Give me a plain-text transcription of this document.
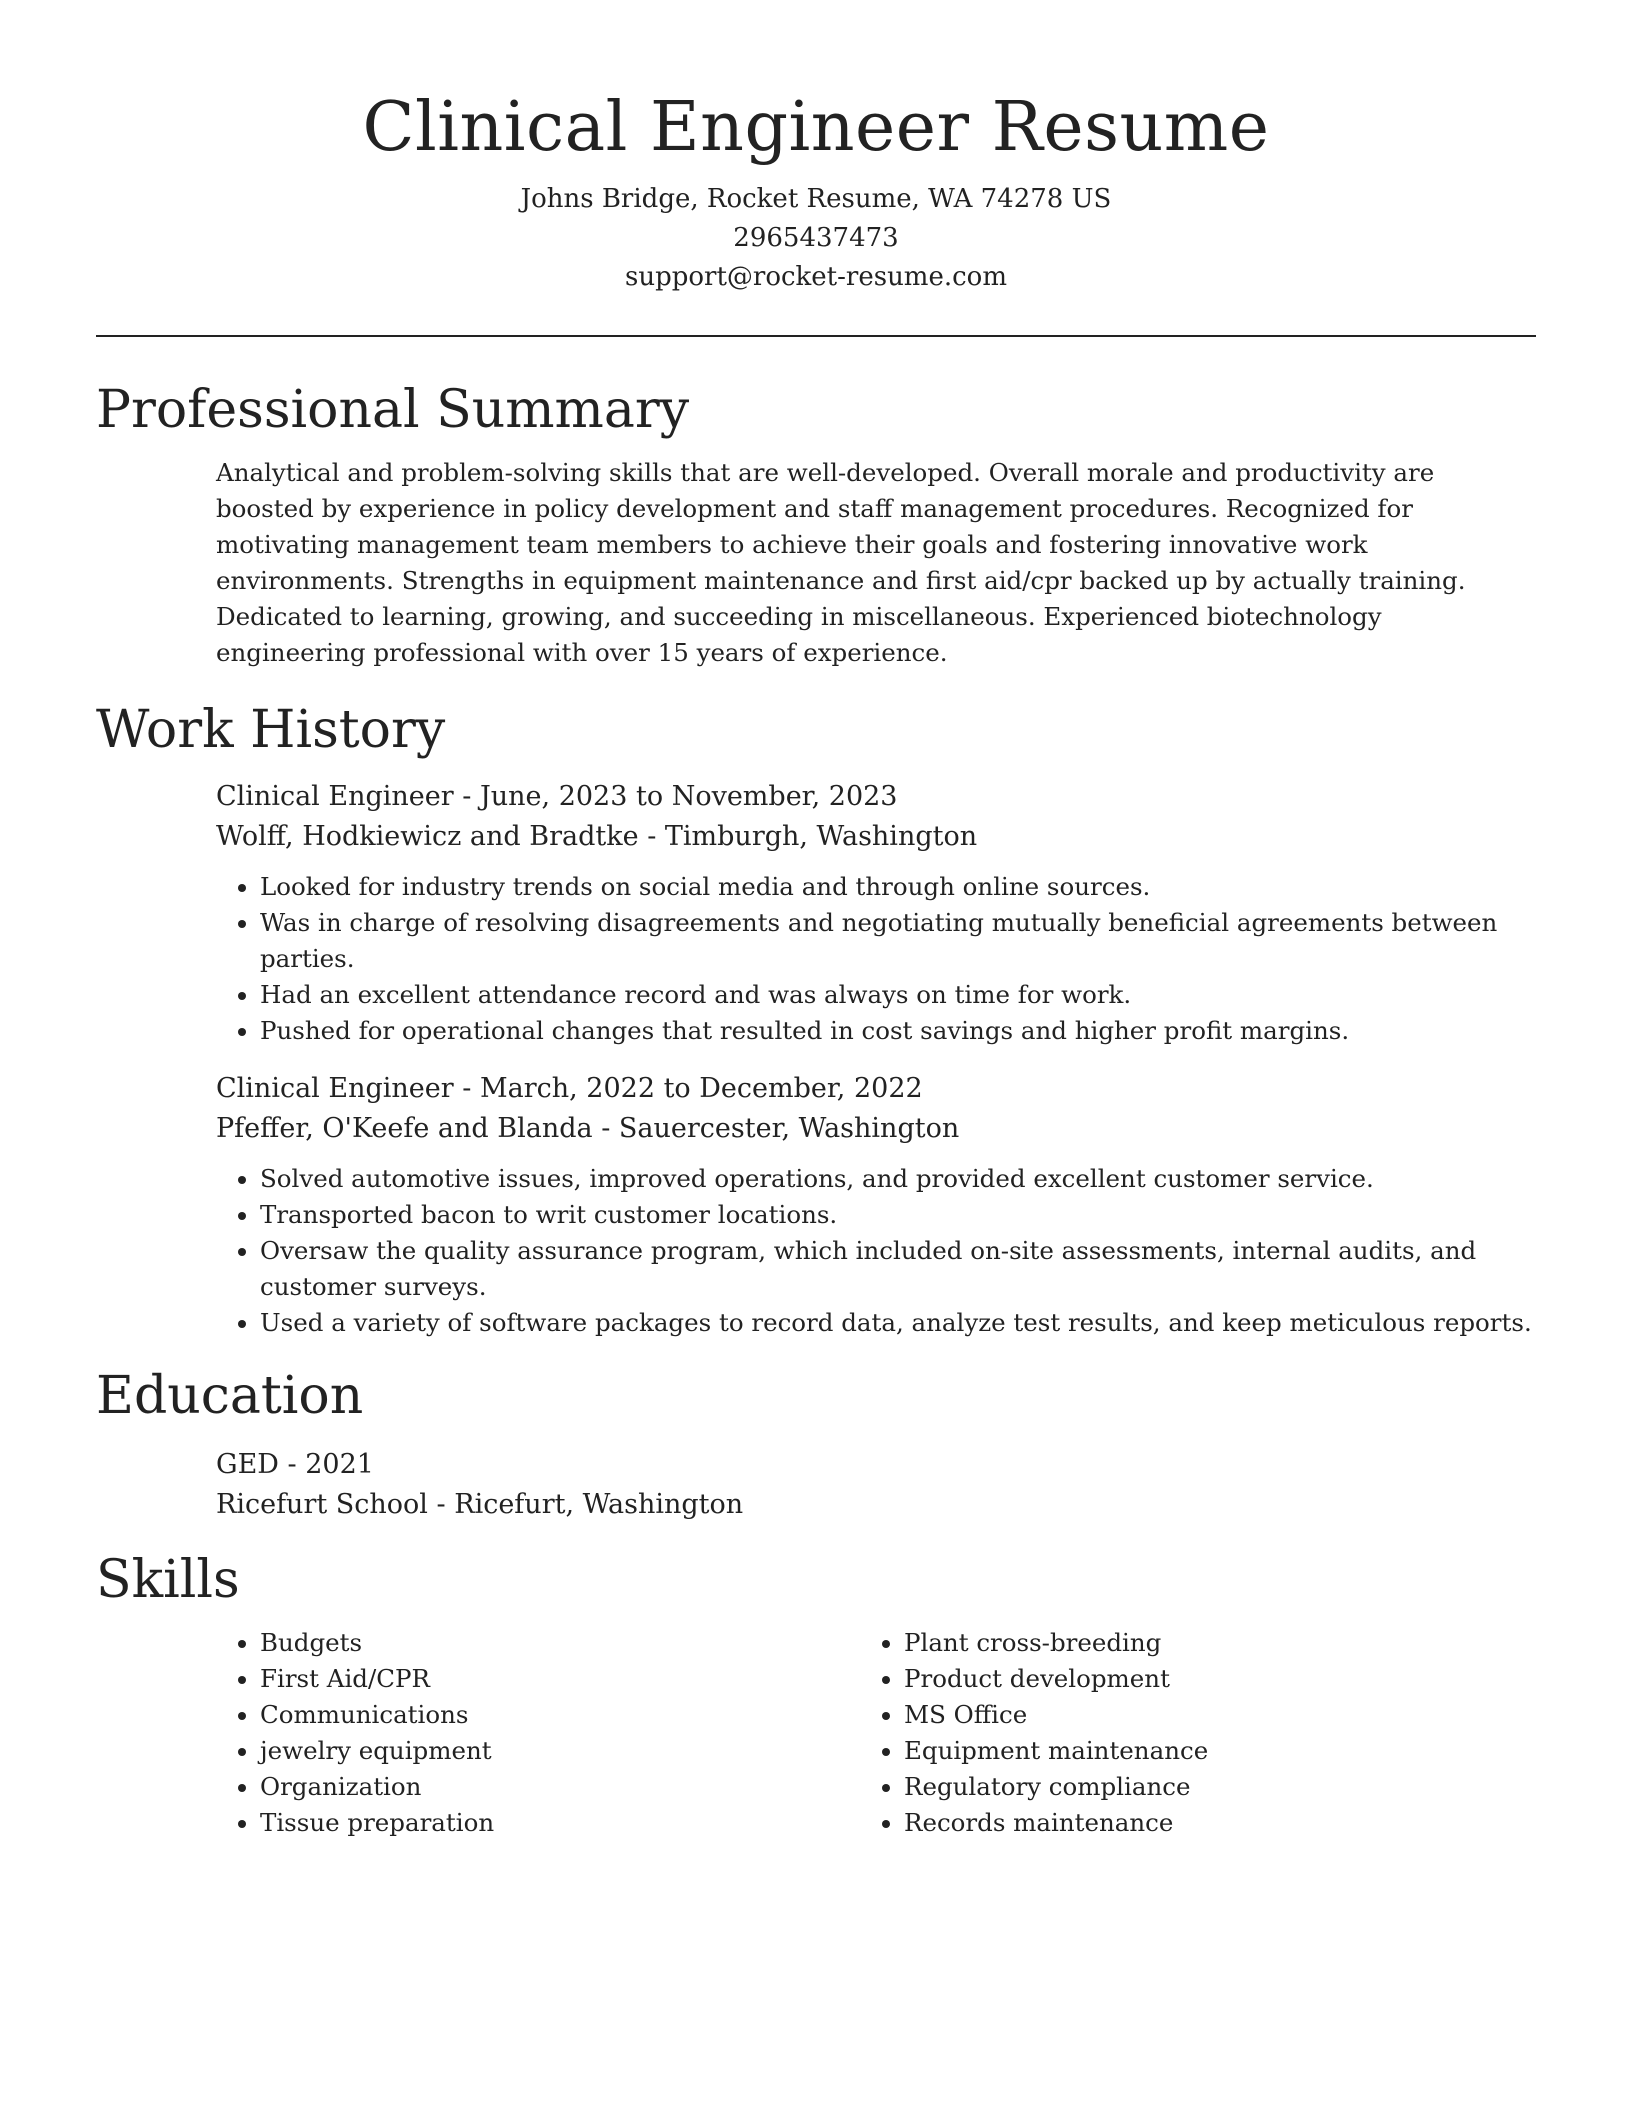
Clinical Engineer Resume

Johns Bridge, Rocket Resume, WA 74278 US

2965437473

support@rocket-resume.com

Professional Summary

Analytical and problem-solving skills that are well-developed. Overall morale and productivity are boosted by experience in policy development and staff management procedures. Recognized for motivating management team members to achieve their goals and fostering innovative work environments. Strengths in equipment maintenance and first aid/cpr backed up by actually training. Dedicated to learning, growing, and succeeding in miscellaneous. Experienced biotechnology engineering professional with over 15 years of experience.

Work History

Clinical Engineer - June, 2023 to November, 2023

Wolff, Hodkiewicz and Bradtke - Timburgh, Washington

• Looked for industry trends on social media and through online sources.
• Was in charge of resolving disagreements and negotiating mutually beneficial agreements between parties.
• Had an excellent attendance record and was always on time for work.
• Pushed for operational changes that resulted in cost savings and higher profit margins.

Clinical Engineer - March, 2022 to December, 2022

Pfeffer, O'Keefe and Blanda - Sauercester, Washington

• Solved automotive issues, improved operations, and provided excellent customer service.
• Transported bacon to writ customer locations.
• Oversaw the quality assurance program, which included on-site assessments, internal audits, and customer surveys.
• Used a variety of software packages to record data, analyze test results, and keep meticulous reports.
Education

GED - 2021

Ricefurt School - Ricefurt, Washington

Skills
• Budgets
• First Aid/CPR
• Communications
• jewelry equipment
• Organization
• Tissue preparation
• Plant cross-breeding
• Product development
• MS Office
• Equipment maintenance
• Regulatory compliance
• Records maintenance
